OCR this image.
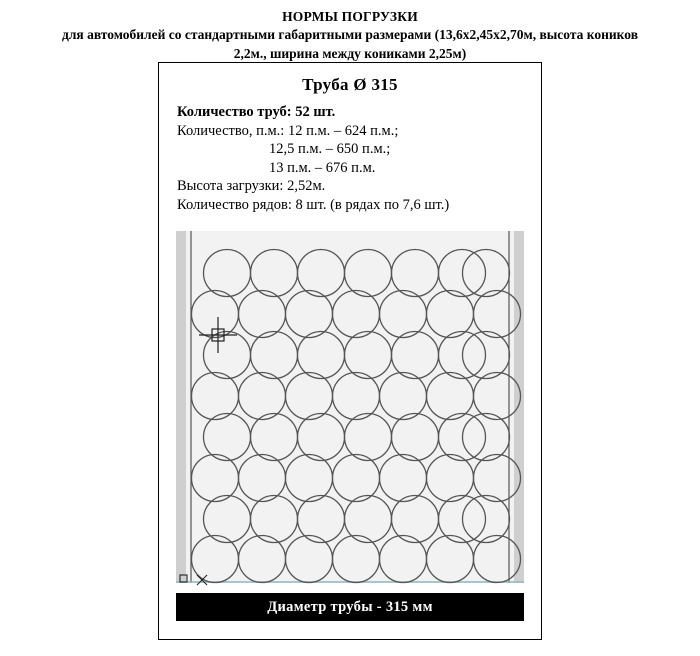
НОРМЫ ПОГРУЗКИ
для автомобилей со стандартными габаритными размерами (13,6х2,45х2,70м, высота коников 2,2м., ширина между кониками 2,25м)
Труба Ø 315
Количество труб: 52 шт.
Количество, п.м.: 12 п.м. – 624 п.м.;
12,5 п.м. – 650 п.м.;
13 п.м. – 676 п.м.
Высота загрузки: 2,52м.
Количество рядов: 8 шт. (в рядах по 7,6 шт.)
Диаметр трубы - 315 мм
